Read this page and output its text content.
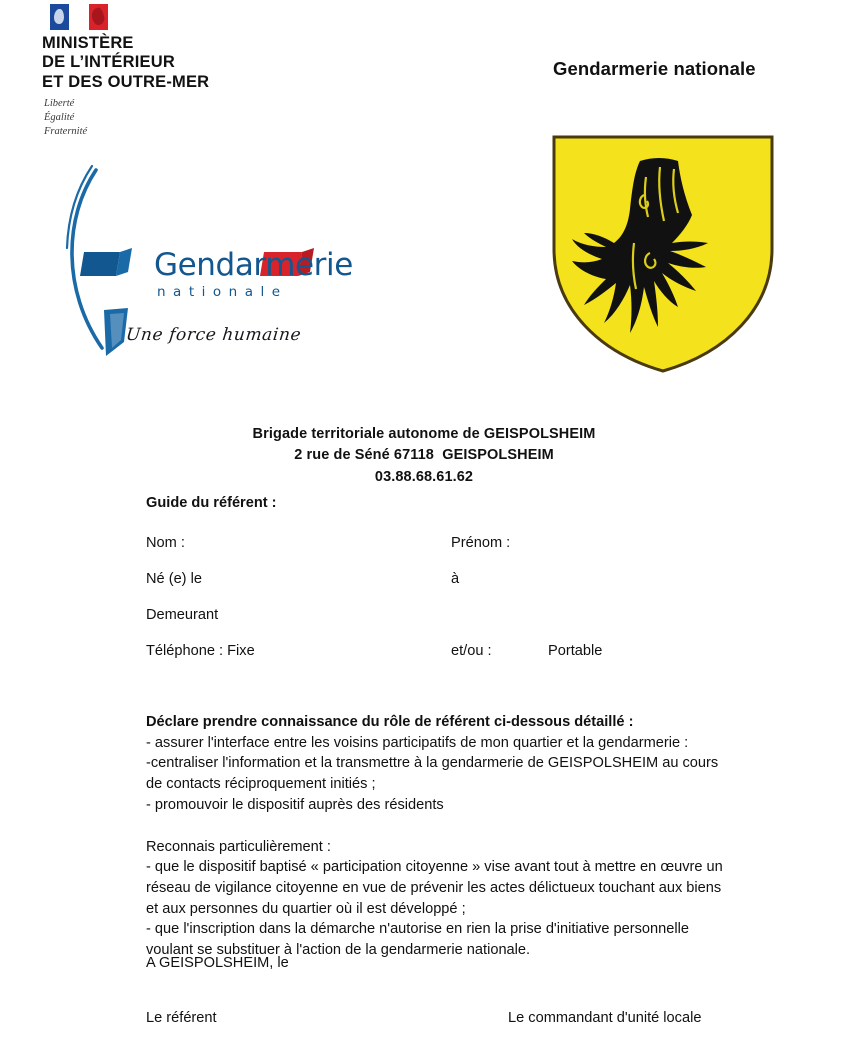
MINISTÈRE
DE L’INTÉRIEUR
ET DES OUTRE-MER
Liberté
Égalité
Fraternité
Gendarmerie nationale
Gendarmerie
nationale
Une force humaine
Brigade territoriale autonome de GEISPOLSHEIM
2 rue de Séné 67118  GEISPOLSHEIM
03.88.68.61.62
Guide du référent :
Nom :	Prénom :
Né (e) le	à
Demeurant
Téléphone : Fixe	et/ou :	Portable

Déclare prendre connaissance du rôle de référent ci-dessous détaillé :

- assurer l'interface entre les voisins participatifs de mon quartier et la gendarmerie :

-centraliser l'information et la transmettre à la gendarmerie de GEISPOLSHEIM au cours

de contacts réciproquement initiés ;

- promouvoir le dispositif auprès des résidents

Reconnais particulièrement :

- que le dispositif baptisé « participation citoyenne » vise avant tout à mettre en œuvre un

réseau de vigilance citoyenne en vue de prévenir les actes délictueux touchant aux biens

et aux personnes du quartier où il est développé ;

- que l'inscription dans la démarche n'autorise en rien la prise d'initiative personnelle

voulant se substituer à l'action de la gendarmerie nationale.

A GEISPOLSHEIM, le
Le référent	Le commandant d'unité locale
